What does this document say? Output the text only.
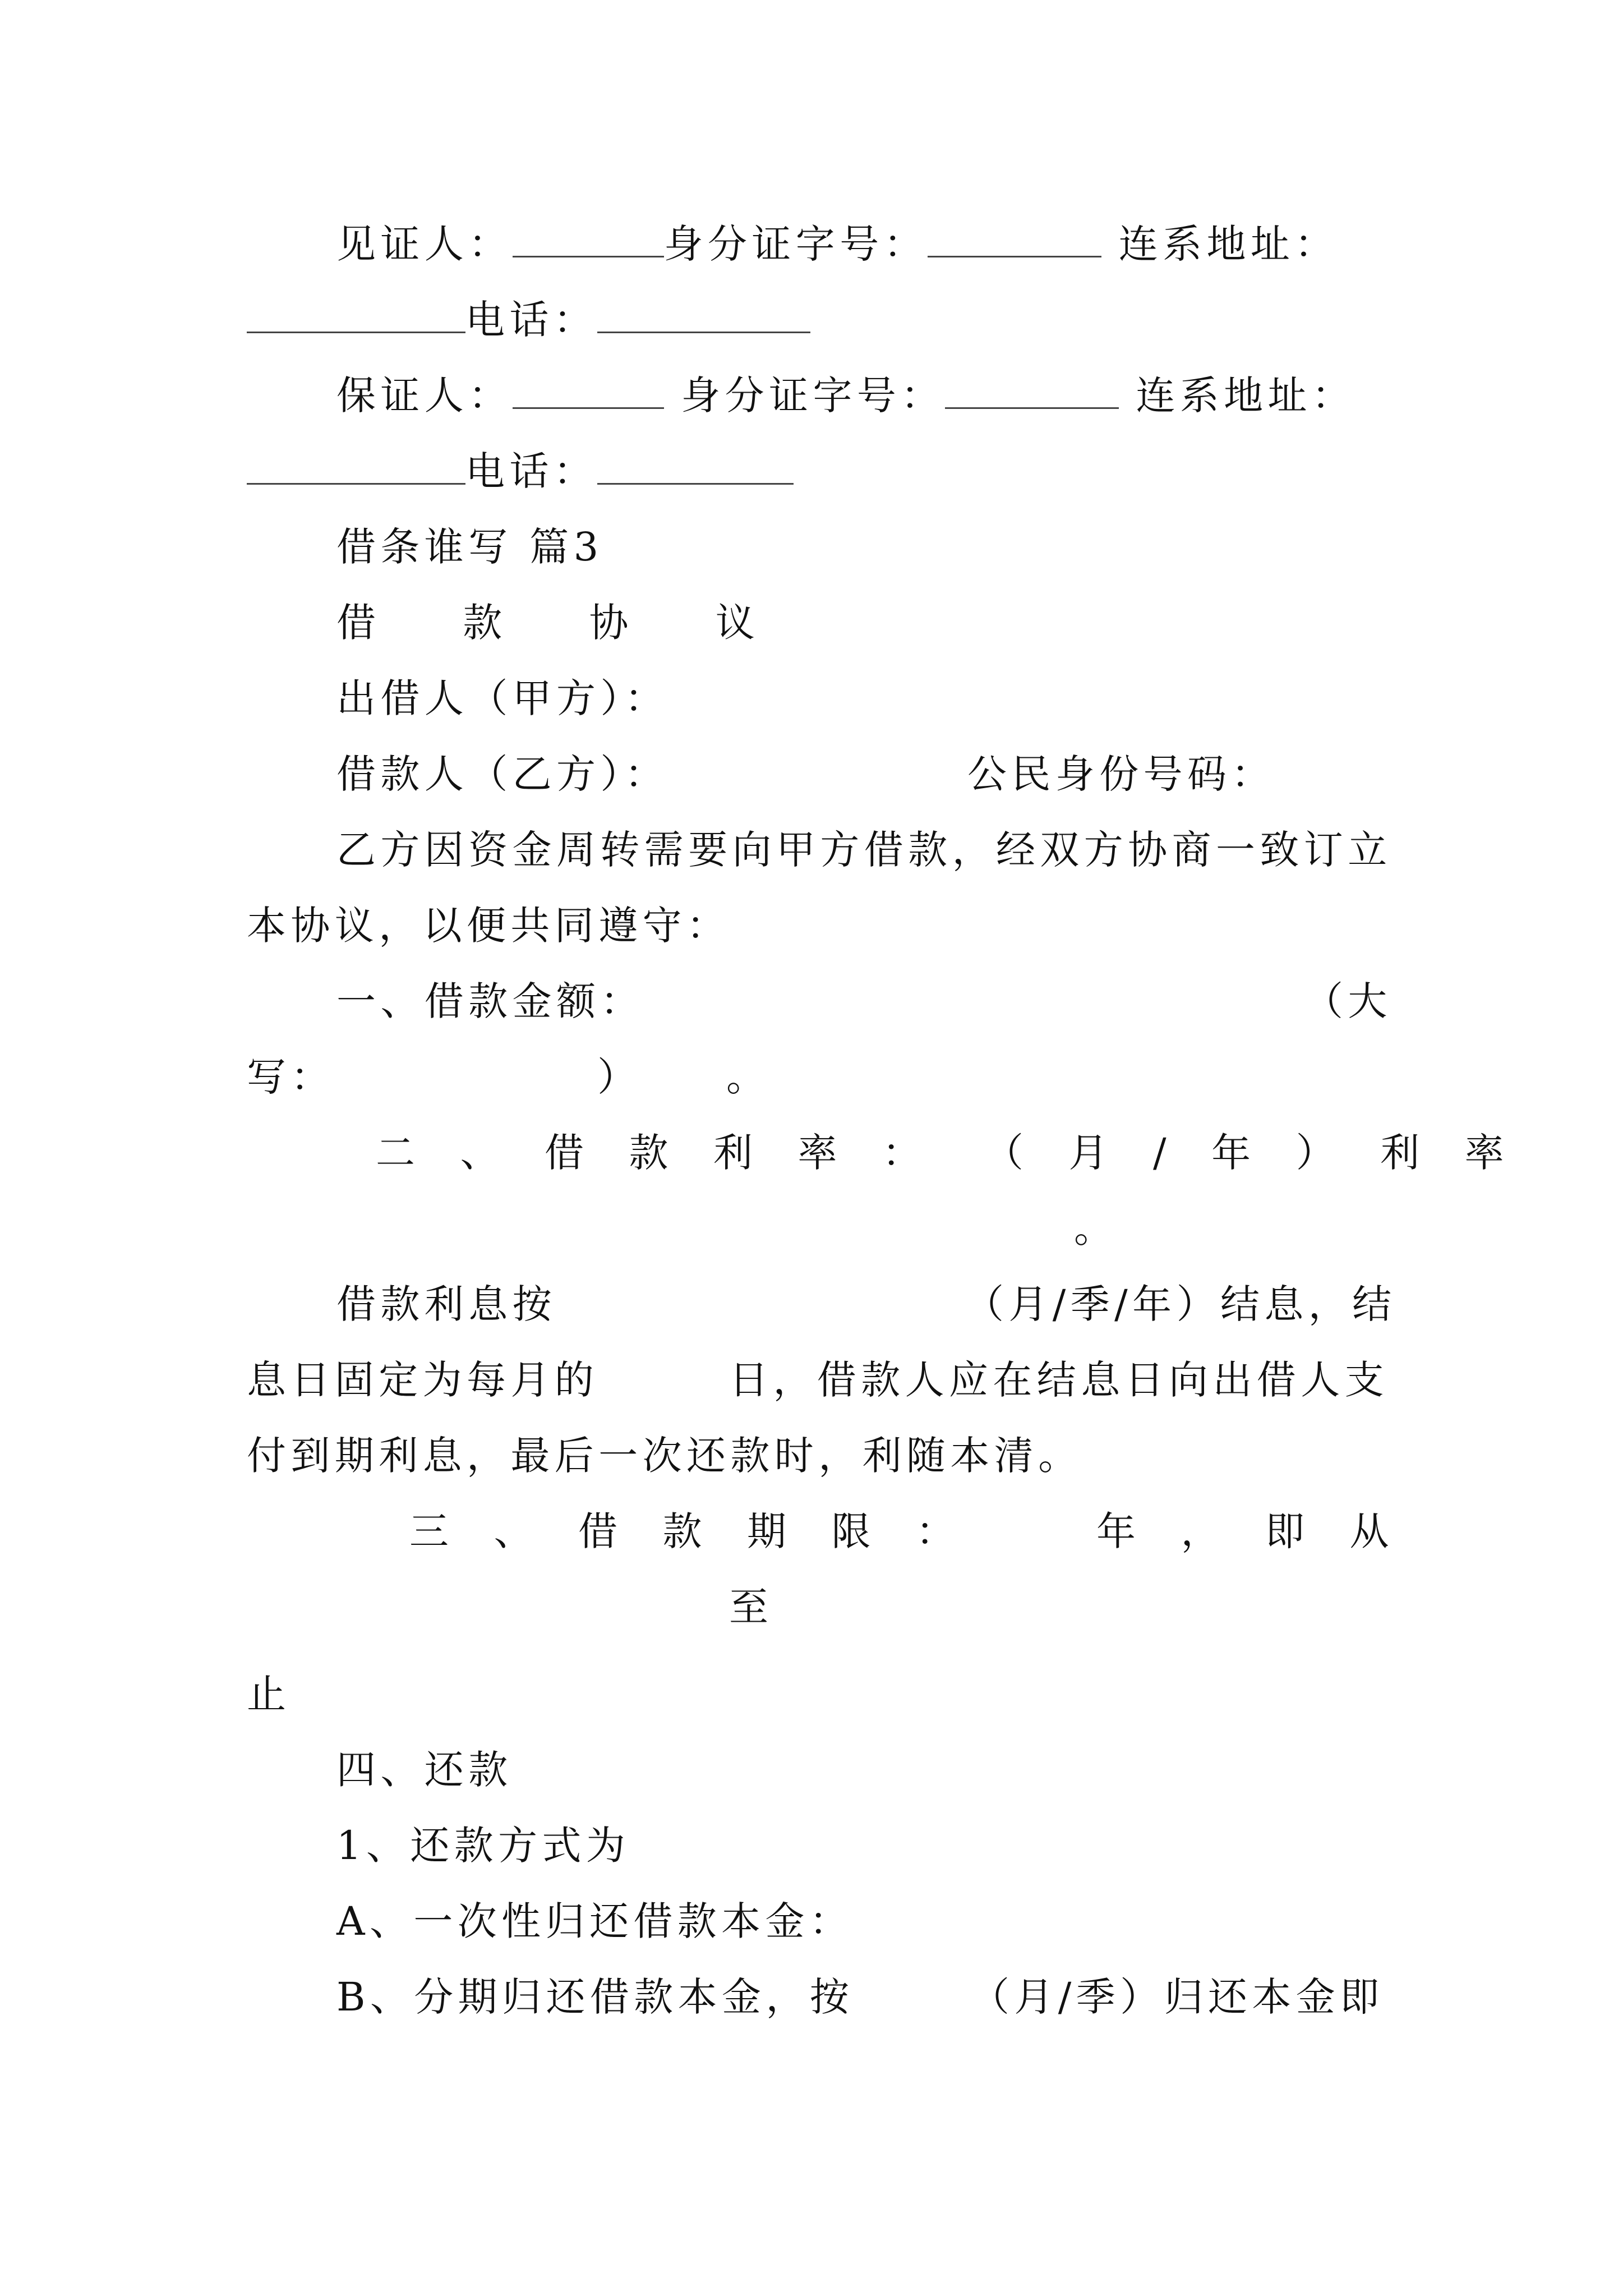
见证人：	身分证字号：	连系地址：
电话：
保证人：	身分证字号：	连系地址：
电话：
借条谁写 篇3
借 款 协 议
出借人（甲方）：
借款人（乙方）：	公民身份号码：
乙方因资金周转需要向甲方借款，经双方协商一致订立
本协议，以便共同遵守：
一、借款金额：	（大
写：	） 。
二、借款利率： （月/年）利率
。
借款利息按	（月/季/年）结息，结
息日固定为每月的	日，借款人应在结息日向出借人支
付到期利息，最后一次还款时，利随本清。
三、借款期限： 年，即从
至
止
四、还款
1、还款方式为
A、一次性归还借款本金：
B、分期归还借款本金，按	（月/季）归还本金即
